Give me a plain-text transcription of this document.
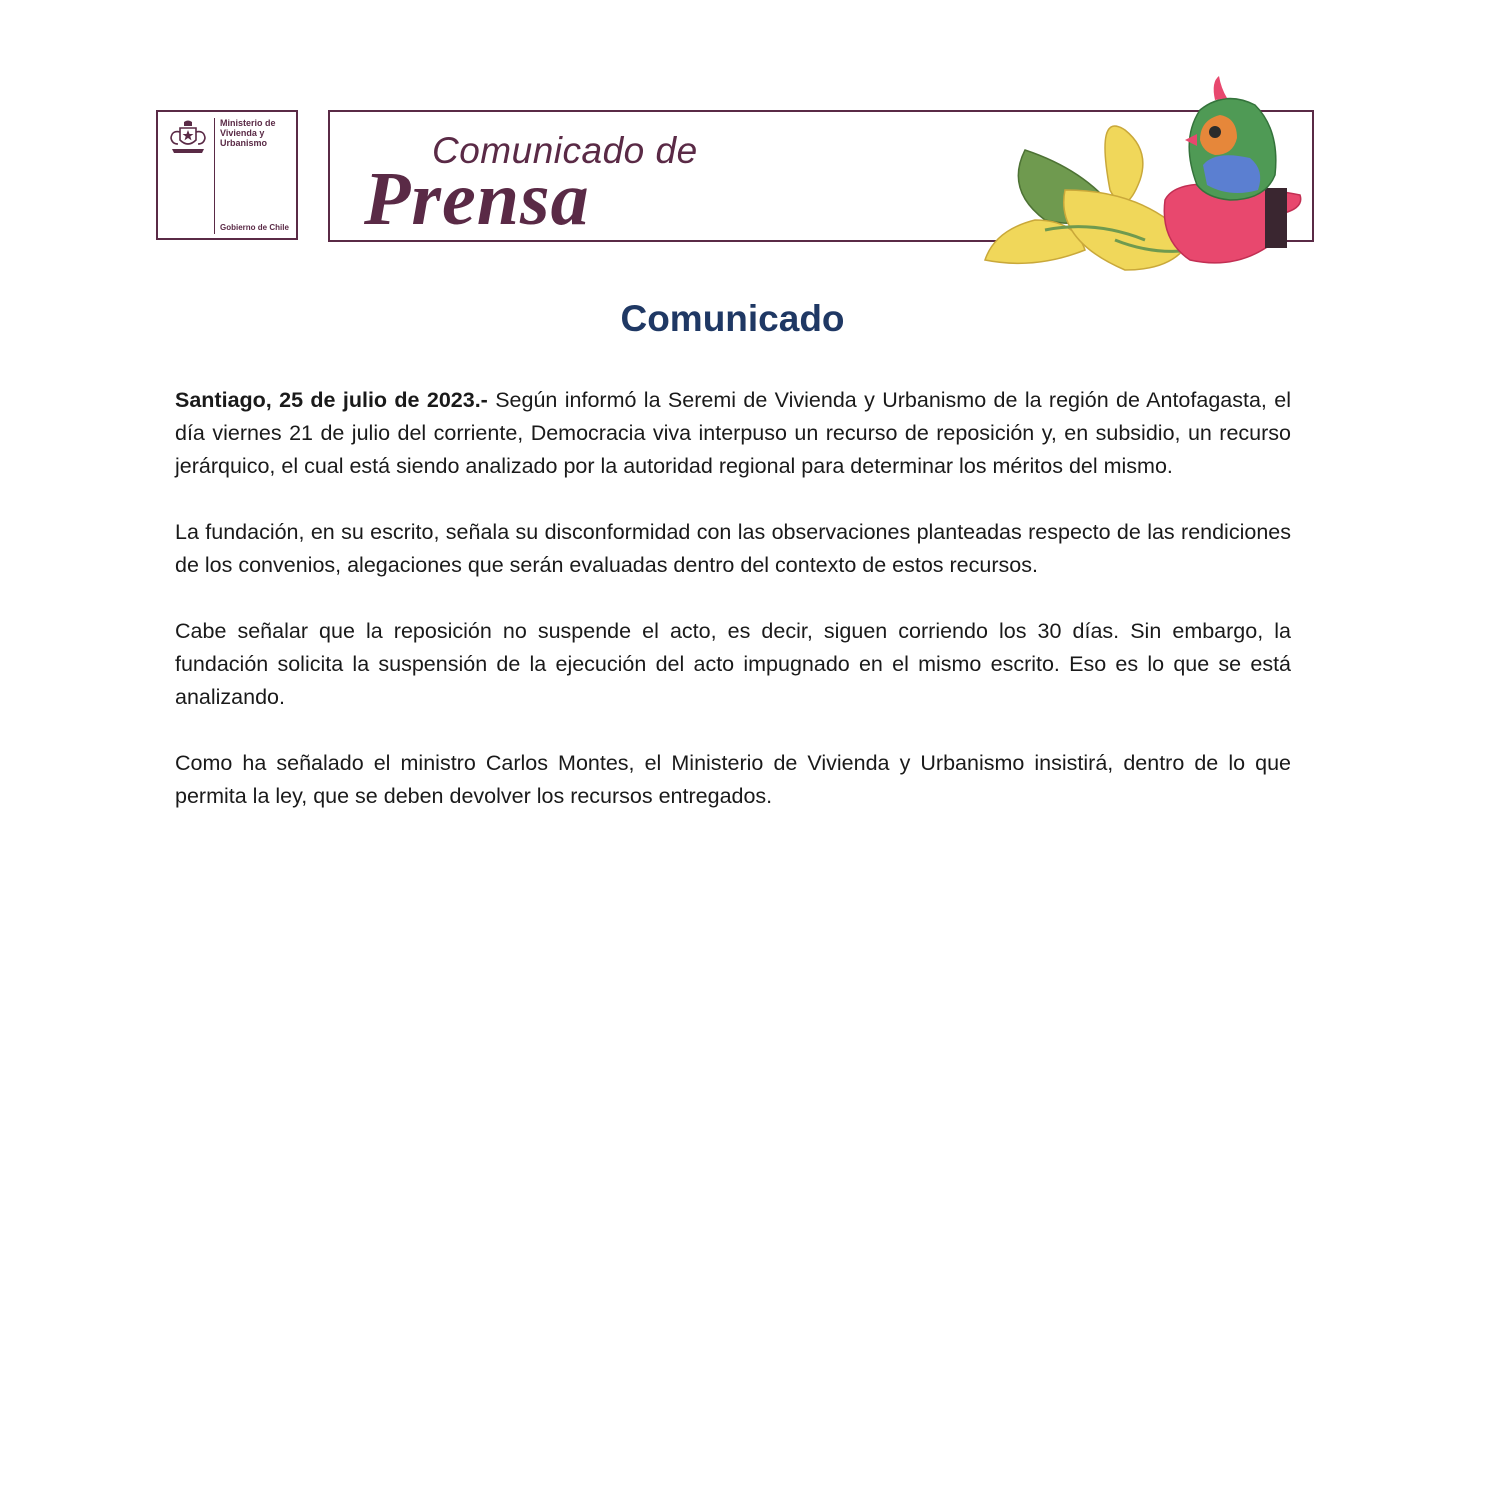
Ministerio de
Vivienda y
Urbanismo
Gobierno de Chile
Comunicado de
Prensa
Comunicado

Santiago, 25 de julio de 2023.- Según informó la Seremi de Vivienda y Urbanismo de la región de Antofagasta, el día viernes 21 de julio del corriente, Democracia viva interpuso un recurso de reposición y, en subsidio, un recurso jerárquico, el cual está siendo analizado por la autoridad regional para determinar los méritos del mismo.

La fundación, en su escrito, señala su disconformidad con las observaciones planteadas respecto de las rendiciones de los convenios, alegaciones que serán evaluadas dentro del contexto de estos recursos.

Cabe señalar que la reposición no suspende el acto, es decir, siguen corriendo los 30 días. Sin embargo, la fundación solicita la suspensión de la ejecución del acto impugnado en el mismo escrito. Eso es lo que se está analizando.

Como ha señalado el ministro Carlos Montes, el Ministerio de Vivienda y Urbanismo insistirá, dentro de lo que permita la ley, que se deben devolver los recursos entregados.
